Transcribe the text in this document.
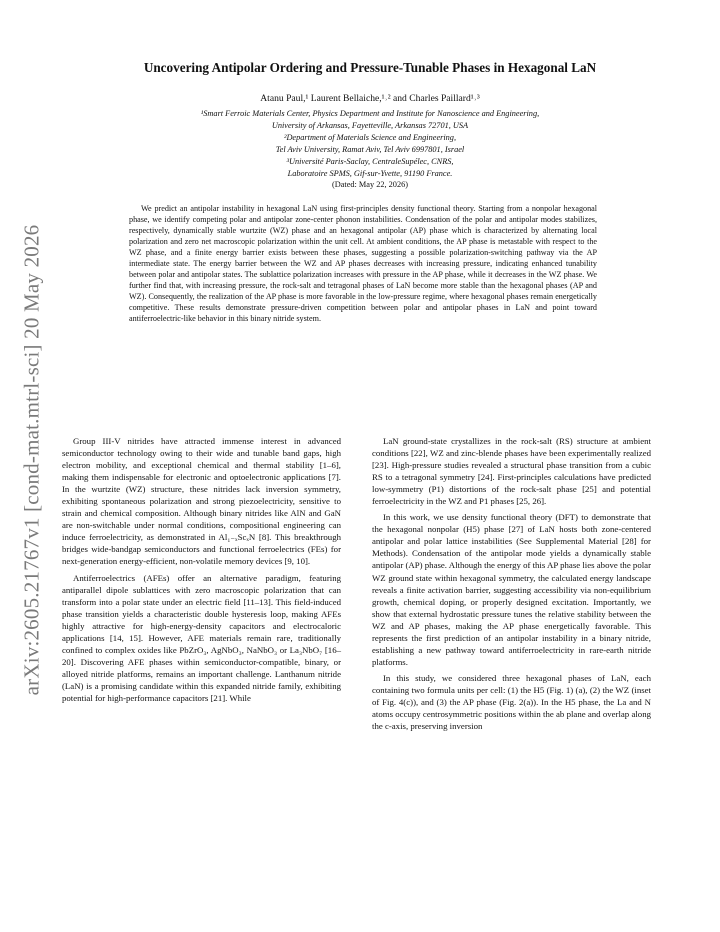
arXiv:2605.21767v1 [cond-mat.mtrl-sci] 20 May 2026
Uncovering Antipolar Ordering and Pressure-Tunable Phases in Hexagonal LaN
Atanu Paul,¹ Laurent Bellaiche,¹˒² and Charles Paillard¹˒³
¹Smart Ferroic Materials Center, Physics Department and Institute for Nanoscience and Engineering,
University of Arkansas, Fayetteville, Arkansas 72701, USA
²Department of Materials Science and Engineering,
Tel Aviv University, Ramat Aviv, Tel Aviv 6997801, Israel
³Université Paris-Saclay, CentraleSupélec, CNRS,
Laboratoire SPMS, Gif-sur-Yvette, 91190 France.
(Dated: May 22, 2026)

We predict an antipolar instability in hexagonal LaN using first-principles density functional theory. Starting from a nonpolar hexagonal phase, we identify competing polar and antipolar zone-center phonon instabilities. Condensation of the polar and antipolar modes stabilizes, respectively, dynamically stable wurtzite (WZ) phase and an hexagonal antipolar (AP) phase which is characterized by alternating local polarization and zero net macroscopic polarization within the unit cell. At ambient conditions, the AP phase is metastable with respect to the WZ phase, and a finite energy barrier exists between these phases, suggesting a possible polarization-switching pathway via the AP intermediate state. The energy barrier between the WZ and AP phases decreases with increasing pressure, indicating enhanced tunability between polar and antipolar states. The sublattice polarization increases with pressure in the AP phase, while it decreases in the WZ phase. We further find that, with increasing pressure, the rock-salt and tetragonal phases of LaN become more stable than the hexagonal phases (AP and WZ). Consequently, the realization of the AP phase is more favorable in the low-pressure regime, where hexagonal phases remain energetically competitive. These results demonstrate pressure-driven competition between polar and antipolar phases in LaN and point toward antiferroelectric-like behavior in this binary nitride system.

Group III-V nitrides have attracted immense interest in advanced semiconductor technology owing to their wide and tunable band gaps, high electron mobility, and exceptional chemical and thermal stability [1–6], making them indispensable for electronic and optoelectronic applications [7]. In the wurtzite (WZ) structure, these nitrides lack inversion symmetry, exhibiting spontaneous polarization and strong piezoelectricity, sensitive to strain and chemical composition. Although binary nitrides like AlN and GaN are non-switchable under normal conditions, compositional engineering can induce ferroelectricity, as demonstrated in Al₁₋ₓScₓN [8]. This breakthrough bridges wide-bandgap semiconductors and functional ferroelectrics (FEs) for next-generation energy-efficient, non-volatile memory devices [9, 10].

Antiferroelectrics (AFEs) offer an alternative paradigm, featuring antiparallel dipole sublattices with zero macroscopic polarization that can transform into a polar state under an electric field [11–13]. This field-induced phase transition yields a characteristic double hysteresis loop, making AFEs highly attractive for high-energy-density capacitors and electrocaloric applications [14, 15]. However, AFE materials remain rare, traditionally confined to complex oxides like PbZrO₃, AgNbO₃, NaNbO₃ or La₃NbO₇ [16–20]. Discovering AFE phases within semiconductor-compatible, binary, or alloyed nitride platforms, remains an important challenge. Lanthanum nitride (LaN) is a promising candidate within this expanded nitride family, exhibiting potential for high-performance capacitors [21]. While

LaN ground-state crystallizes in the rock-salt (RS) structure at ambient conditions [22], WZ and zinc-blende phases have been experimentally realized [23]. High-pressure studies revealed a structural phase transition from a cubic RS to a tetragonal symmetry [24]. First-principles calculations have predicted low-symmetry (P1) distortions of the rock-salt phase [25] and potential ferroelectricity in the WZ and P1 phases [25, 26].

In this work, we use density functional theory (DFT) to demonstrate that the hexagonal nonpolar (H5) phase [27] of LaN hosts both zone-centered antipolar and polar lattice instabilities (See Supplemental Material [28] for Methods). Condensation of the antipolar mode yields a dynamically stable antipolar (AP) phase. Although the energy of this AP phase lies above the polar WZ ground state within hexagonal symmetry, the calculated energy landscape reveals a finite activation barrier, suggesting accessibility via non-equilibrium growth, chemical doping, or properly designed excitation. Importantly, we show that external hydrostatic pressure tunes the relative stability between the WZ and AP phases, making the AP phase energetically favorable. This represents the first prediction of an antipolar instability in a binary nitride, establishing a new pathway toward antiferroelectricity in rare-earth nitride platforms.

In this study, we considered three hexagonal phases of LaN, each containing two formula units per cell: (1) the H5 (Fig. 1) (a), (2) the WZ (inset of Fig. 4(c)), and (3) the AP phase (Fig. 2(a)). In the H5 phase, the La and N atoms occupy centrosymmetric positions within the ab plane and overlap along the c-axis, preserving inversion
